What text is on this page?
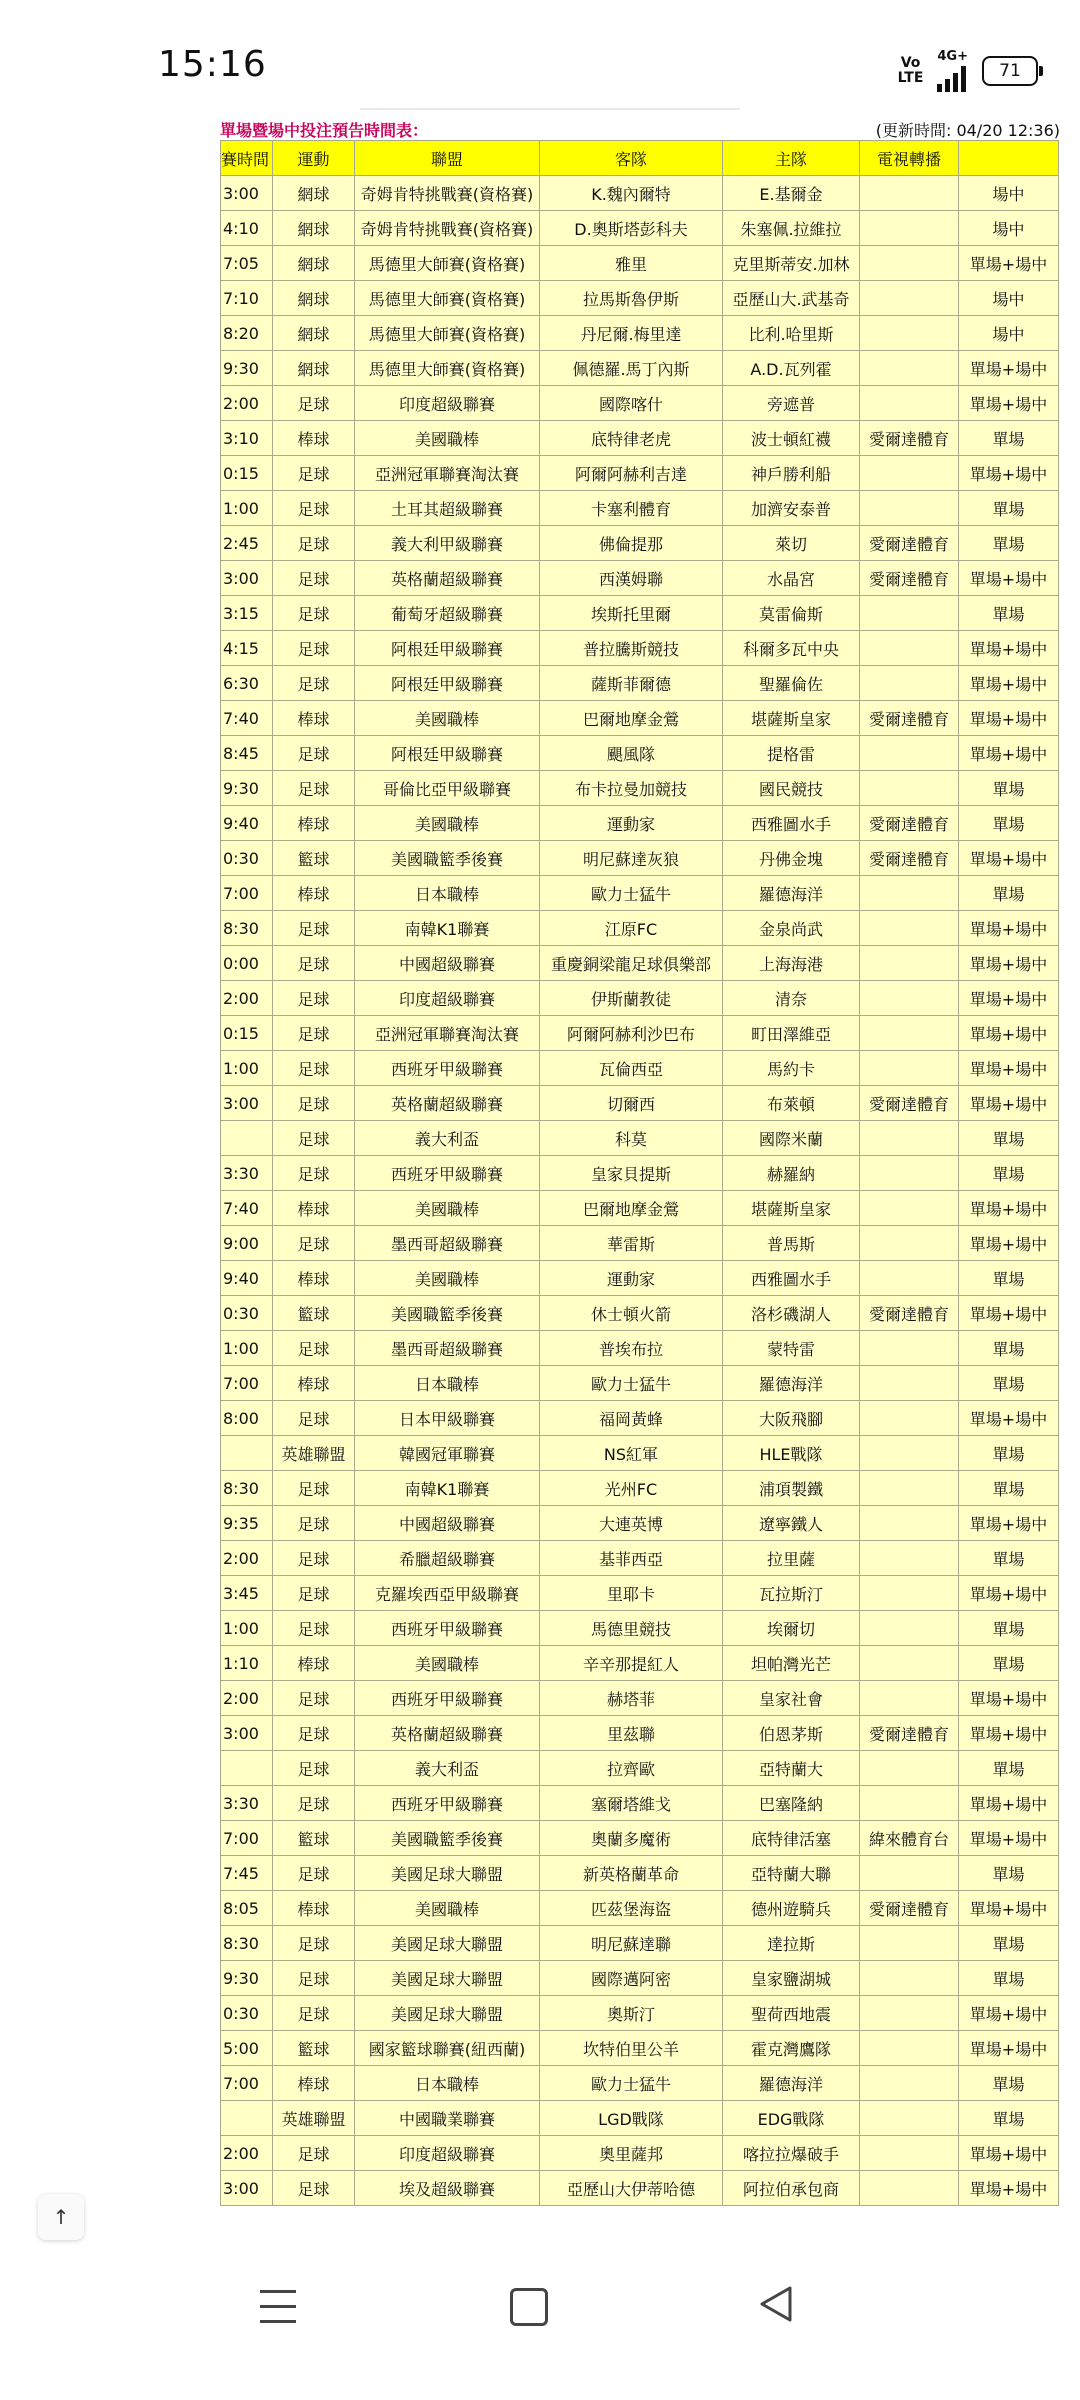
15:16	Vo
LTE
4G+
71
單場暨場中投注預告時間表：	(更新時間: 04/20 12:36)
賽時間	運動	聯盟	客隊	主隊	電視轉播	
3:00	網球	奇姆肯特挑戰賽(資格賽)	K.魏內爾特	E.基爾金		場中
4:10	網球	奇姆肯特挑戰賽(資格賽)	D.奧斯塔彭科夫	朱塞佩.拉維拉		場中
7:05	網球	馬德里大師賽(資格賽)	雅里	克里斯蒂安.加林		單場+場中
7:10	網球	馬德里大師賽(資格賽)	拉馬斯魯伊斯	亞歷山大.武基奇		場中
8:20	網球	馬德里大師賽(資格賽)	丹尼爾.梅里達	比利.哈里斯		場中
9:30	網球	馬德里大師賽(資格賽)	佩德羅.馬丁內斯	A.D.瓦列霍		單場+場中
2:00	足球	印度超級聯賽	國際喀什	旁遮普		單場+場中
3:10	棒球	美國職棒	底特律老虎	波士頓紅襪	愛爾達體育	單場
0:15	足球	亞洲冠軍聯賽淘汰賽	阿爾阿赫利吉達	神戶勝利船		單場+場中
1:00	足球	土耳其超級聯賽	卡塞利體育	加濟安泰普		單場
2:45	足球	義大利甲級聯賽	佛倫提那	萊切	愛爾達體育	單場
3:00	足球	英格蘭超級聯賽	西漢姆聯	水晶宮	愛爾達體育	單場+場中
3:15	足球	葡萄牙超級聯賽	埃斯托里爾	莫雷倫斯		單場
4:15	足球	阿根廷甲級聯賽	普拉騰斯競技	科爾多瓦中央		單場+場中
6:30	足球	阿根廷甲級聯賽	薩斯菲爾德	聖羅倫佐		單場+場中
7:40	棒球	美國職棒	巴爾地摩金鶯	堪薩斯皇家	愛爾達體育	單場+場中
8:45	足球	阿根廷甲級聯賽	颶風隊	提格雷		單場+場中
9:30	足球	哥倫比亞甲級聯賽	布卡拉曼加競技	國民競技		單場
9:40	棒球	美國職棒	運動家	西雅圖水手	愛爾達體育	單場
0:30	籃球	美國職籃季後賽	明尼蘇達灰狼	丹佛金塊	愛爾達體育	單場+場中
7:00	棒球	日本職棒	歐力士猛牛	羅德海洋		單場
8:30	足球	南韓K1聯賽	江原FC	金泉尚武		單場+場中
0:00	足球	中國超級聯賽	重慶銅梁龍足球俱樂部	上海海港		單場+場中
2:00	足球	印度超級聯賽	伊斯蘭教徒	清奈		單場+場中
0:15	足球	亞洲冠軍聯賽淘汰賽	阿爾阿赫利沙巴布	町田澤維亞		單場+場中
1:00	足球	西班牙甲級聯賽	瓦倫西亞	馬約卡		單場+場中
3:00	足球	英格蘭超級聯賽	切爾西	布萊頓	愛爾達體育	單場+場中
	足球	義大利盃	科莫	國際米蘭		單場
3:30	足球	西班牙甲級聯賽	皇家貝提斯	赫羅納		單場
7:40	棒球	美國職棒	巴爾地摩金鶯	堪薩斯皇家		單場+場中
9:00	足球	墨西哥超級聯賽	華雷斯	普馬斯		單場+場中
9:40	棒球	美國職棒	運動家	西雅圖水手		單場
0:30	籃球	美國職籃季後賽	休士頓火箭	洛杉磯湖人	愛爾達體育	單場+場中
1:00	足球	墨西哥超級聯賽	普埃布拉	蒙特雷		單場
7:00	棒球	日本職棒	歐力士猛牛	羅德海洋		單場
8:00	足球	日本甲級聯賽	福岡黃蜂	大阪飛腳		單場+場中
	英雄聯盟	韓國冠軍聯賽	NS紅軍	HLE戰隊		單場
8:30	足球	南韓K1聯賽	光州FC	浦項製鐵		單場
9:35	足球	中國超級聯賽	大連英博	遼寧鐵人		單場+場中
2:00	足球	希臘超級聯賽	基菲西亞	拉里薩		單場
3:45	足球	克羅埃西亞甲級聯賽	里耶卡	瓦拉斯汀		單場+場中
1:00	足球	西班牙甲級聯賽	馬德里競技	埃爾切		單場
1:10	棒球	美國職棒	辛辛那提紅人	坦帕灣光芒		單場
2:00	足球	西班牙甲級聯賽	赫塔菲	皇家社會		單場+場中
3:00	足球	英格蘭超級聯賽	里茲聯	伯恩茅斯	愛爾達體育	單場+場中
	足球	義大利盃	拉齊歐	亞特蘭大		單場
3:30	足球	西班牙甲級聯賽	塞爾塔維戈	巴塞隆納		單場+場中
7:00	籃球	美國職籃季後賽	奧蘭多魔術	底特律活塞	緯來體育台	單場+場中
7:45	足球	美國足球大聯盟	新英格蘭革命	亞特蘭大聯		單場
8:05	棒球	美國職棒	匹茲堡海盜	德州遊騎兵	愛爾達體育	單場+場中
8:30	足球	美國足球大聯盟	明尼蘇達聯	達拉斯		單場
9:30	足球	美國足球大聯盟	國際邁阿密	皇家鹽湖城		單場
0:30	足球	美國足球大聯盟	奧斯汀	聖荷西地震		單場+場中
5:00	籃球	國家籃球聯賽(紐西蘭)	坎特伯里公羊	霍克灣鷹隊		單場+場中
7:00	棒球	日本職棒	歐力士猛牛	羅德海洋		單場
	英雄聯盟	中國職業聯賽	LGD戰隊	EDG戰隊		單場
2:00	足球	印度超級聯賽	奧里薩邦	喀拉拉爆破手		單場+場中
3:00	足球	埃及超級聯賽	亞歷山大伊蒂哈德	阿拉伯承包商		單場+場中
↑
